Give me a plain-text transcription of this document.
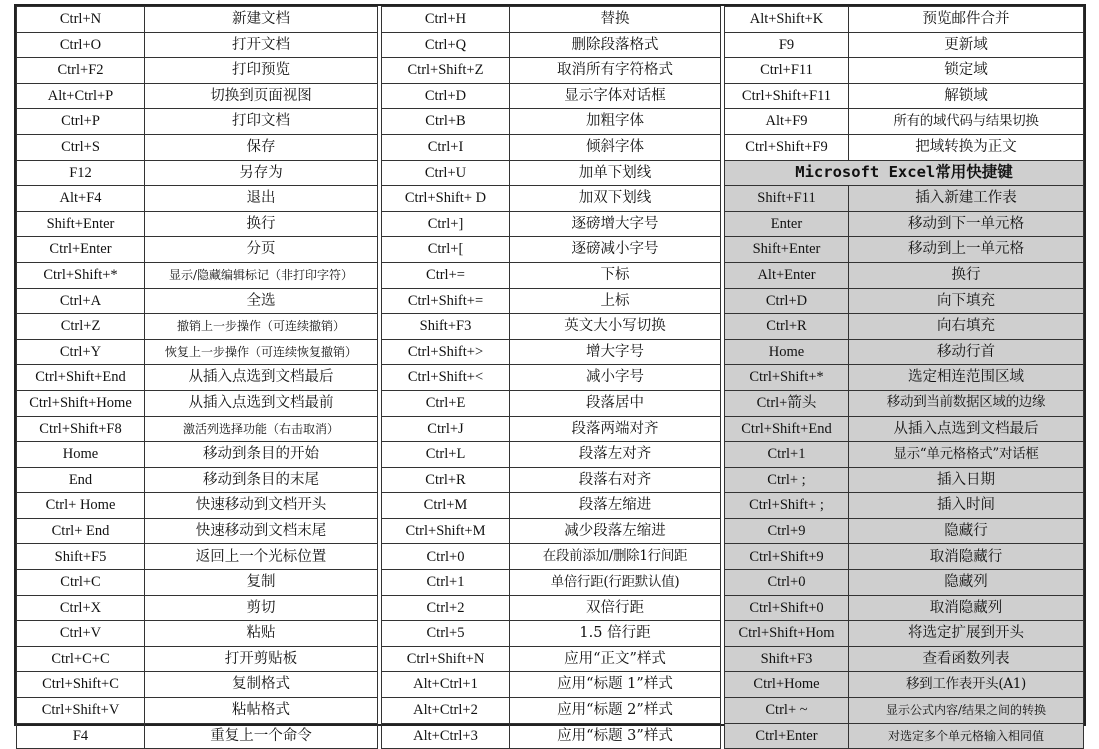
Ctrl+N	新建文档
Ctrl+O	打开文档
Ctrl+F2	打印预览
Alt+Ctrl+P	切换到页面视图
Ctrl+P	打印文档
Ctrl+S	保存
F12	另存为
Alt+F4	退出
Shift+Enter	换行
Ctrl+Enter	分页
Ctrl+Shift+*	显示/隐藏编辑标记（非打印字符）
Ctrl+A	全选
Ctrl+Z	撤销上一步操作（可连续撤销）
Ctrl+Y	恢复上一步操作（可连续恢复撤销）
Ctrl+Shift+End	从插入点选到文档最后
Ctrl+Shift+Home	从插入点选到文档最前
Ctrl+Shift+F8	激活列选择功能（右击取消）
Home	移动到条目的开始
End	移动到条目的末尾
Ctrl+ Home	快速移动到文档开头
Ctrl+ End	快速移动到文档末尾
Shift+F5	返回上一个光标位置
Ctrl+C	复制
Ctrl+X	剪切
Ctrl+V	粘贴
Ctrl+C+C	打开剪贴板
Ctrl+Shift+C	复制格式
Ctrl+Shift+V	粘帖格式
F4	重复上一个命令
Ctrl+H	替换
Ctrl+Q	删除段落格式
Ctrl+Shift+Z	取消所有字符格式
Ctrl+D	显示字体对话框
Ctrl+B	加粗字体
Ctrl+I	倾斜字体
Ctrl+U	加单下划线
Ctrl+Shift+ D	加双下划线
Ctrl+]	逐磅增大字号
Ctrl+[	逐磅减小字号
Ctrl+=	下标
Ctrl+Shift+=	上标
Shift+F3	英文大小写切换
Ctrl+Shift+>	增大字号
Ctrl+Shift+<	减小字号
Ctrl+E	段落居中
Ctrl+J	段落两端对齐
Ctrl+L	段落左对齐
Ctrl+R	段落右对齐
Ctrl+M	段落左缩进
Ctrl+Shift+M	减少段落左缩进
Ctrl+0	在段前添加/删除1行间距
Ctrl+1	单倍行距(行距默认值)
Ctrl+2	双倍行距
Ctrl+5	1.5 倍行距
Ctrl+Shift+N	应用“正文”样式
Alt+Ctrl+1	应用“标题 1”样式
Alt+Ctrl+2	应用“标题 2”样式
Alt+Ctrl+3	应用“标题 3”样式
Alt+Shift+K	预览邮件合并
F9	更新域
Ctrl+F11	锁定域
Ctrl+Shift+F11	解锁域
Alt+F9	所有的域代码与结果切换
Ctrl+Shift+F9	把域转换为正文
Microsoft Excel常用快捷键	
Shift+F11	插入新建工作表
Enter	移动到下一单元格
Shift+Enter	移动到上一单元格
Alt+Enter	换行
Ctrl+D	向下填充
Ctrl+R	向右填充
Home	移动行首
Ctrl+Shift+*	选定相连范围区域
Ctrl+箭头	移动到当前数据区域的边缘
Ctrl+Shift+End	从插入点选到文档最后
Ctrl+1	显示“单元格格式”对话框
Ctrl+ ;	插入日期
Ctrl+Shift+ ;	插入时间
Ctrl+9	隐藏行
Ctrl+Shift+9	取消隐藏行
Ctrl+0	隐藏列
Ctrl+Shift+0	取消隐藏列
Ctrl+Shift+Hom	将选定扩展到开头
Shift+F3	查看函数列表
Ctrl+Home	移到工作表开头(A1)
Ctrl+ ~	显示公式内容/结果之间的转换
Ctrl+Enter	对选定多个单元格输入相同值
